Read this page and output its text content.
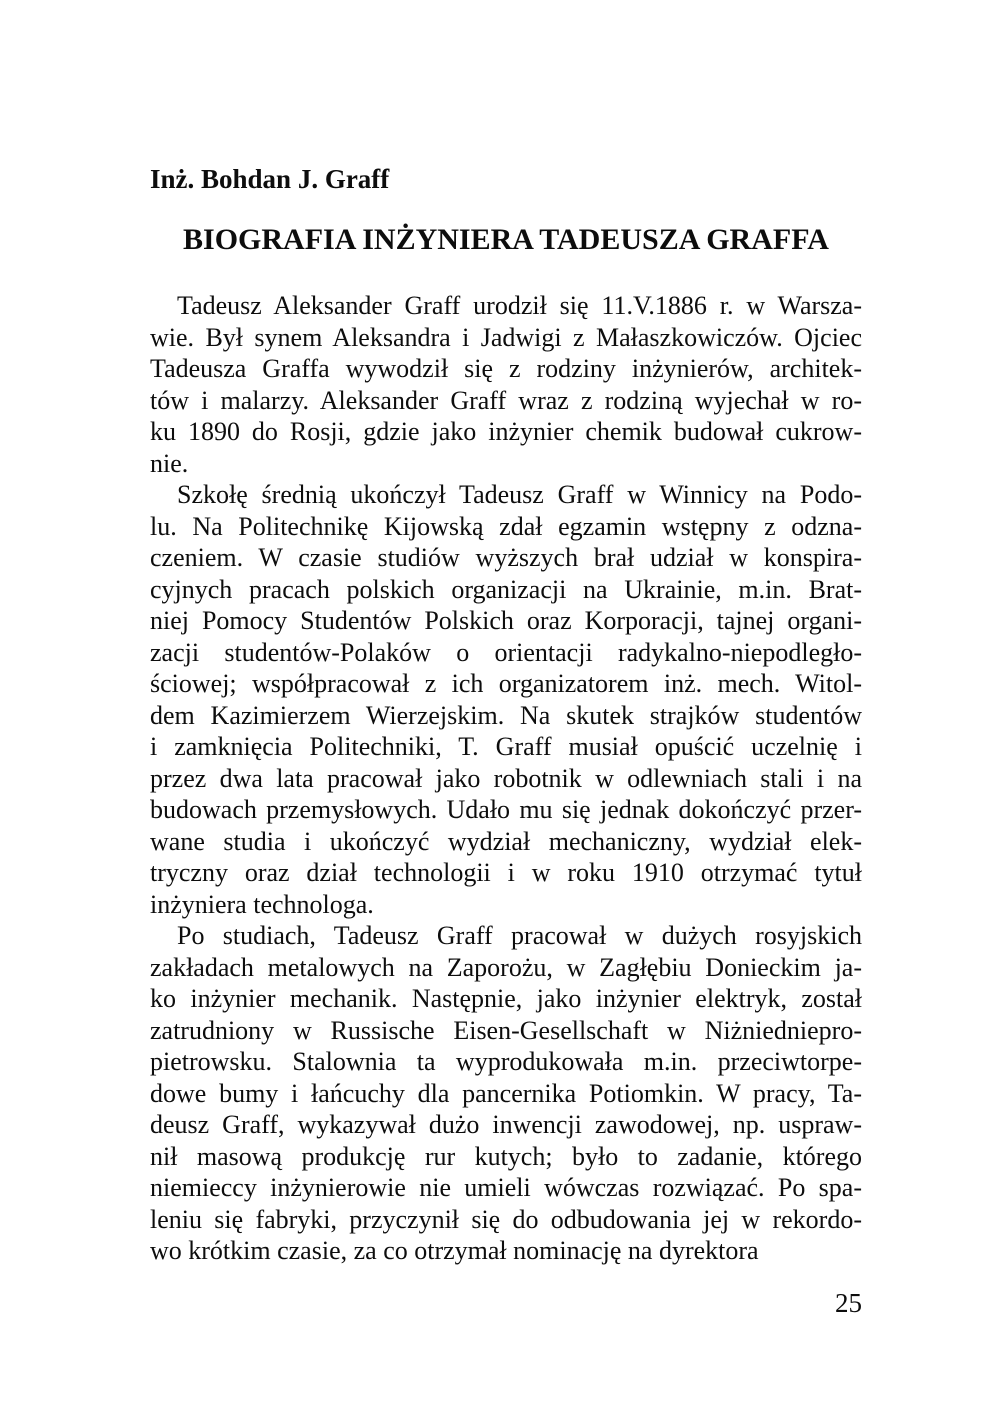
Inż. Bohdan J. Graff
BIOGRAFIA INŻYNIERA TADEUSZA GRAFFA
Tadeusz Aleksander Graff urodził się 11.V.1886 r. w Warsza-
wie. Był synem Aleksandra i Jadwigi z Małaszkowiczów. Ojciec
Tadeusza Graffa wywodził się z rodziny inżynierów, architek-
tów i malarzy. Aleksander Graff wraz z rodziną wyjechał w ro-
ku 1890 do Rosji, gdzie jako inżynier chemik budował cukrow-
nie.
Szkołę średnią ukończył Tadeusz Graff w Winnicy na Podo-
lu. Na Politechnikę Kijowską zdał egzamin wstępny z odzna-
czeniem. W czasie studiów wyższych brał udział w konspira-
cyjnych pracach polskich organizacji na Ukrainie, m.in. Brat-
niej Pomocy Studentów Polskich oraz Korporacji, tajnej organi-
zacji studentów-Polaków o orientacji radykalno-niepodległo-
ściowej; współpracował z ich organizatorem inż. mech. Witol-
dem Kazimierzem Wierzejskim. Na skutek strajków studentów
i zamknięcia Politechniki, T. Graff musiał opuścić uczelnię i
przez dwa lata pracował jako robotnik w odlewniach stali i na
budowach przemysłowych. Udało mu się jednak dokończyć przer-
wane studia i ukończyć wydział mechaniczny, wydział elek-
tryczny oraz dział technologii i w roku 1910 otrzymać tytuł
inżyniera technologa.
Po studiach, Tadeusz Graff pracował w dużych rosyjskich
zakładach metalowych na Zaporożu, w Zagłębiu Donieckim ja-
ko inżynier mechanik. Następnie, jako inżynier elektryk, został
zatrudniony w Russische Eisen-Gesellschaft w Niżniedniepro-
pietrowsku. Stalownia ta wyprodukowała m.in. przeciwtorpe-
dowe bumy i łańcuchy dla pancernika Potiomkin. W pracy, Ta-
deusz Graff, wykazywał dużo inwencji zawodowej, np. uspraw-
nił masową produkcję rur kutych; było to zadanie, którego
niemieccy inżynierowie nie umieli wówczas rozwiązać. Po spa-
leniu się fabryki, przyczynił się do odbudowania jej w rekordo-
wo krótkim czasie, za co otrzymał nominację na dyrektora
25
